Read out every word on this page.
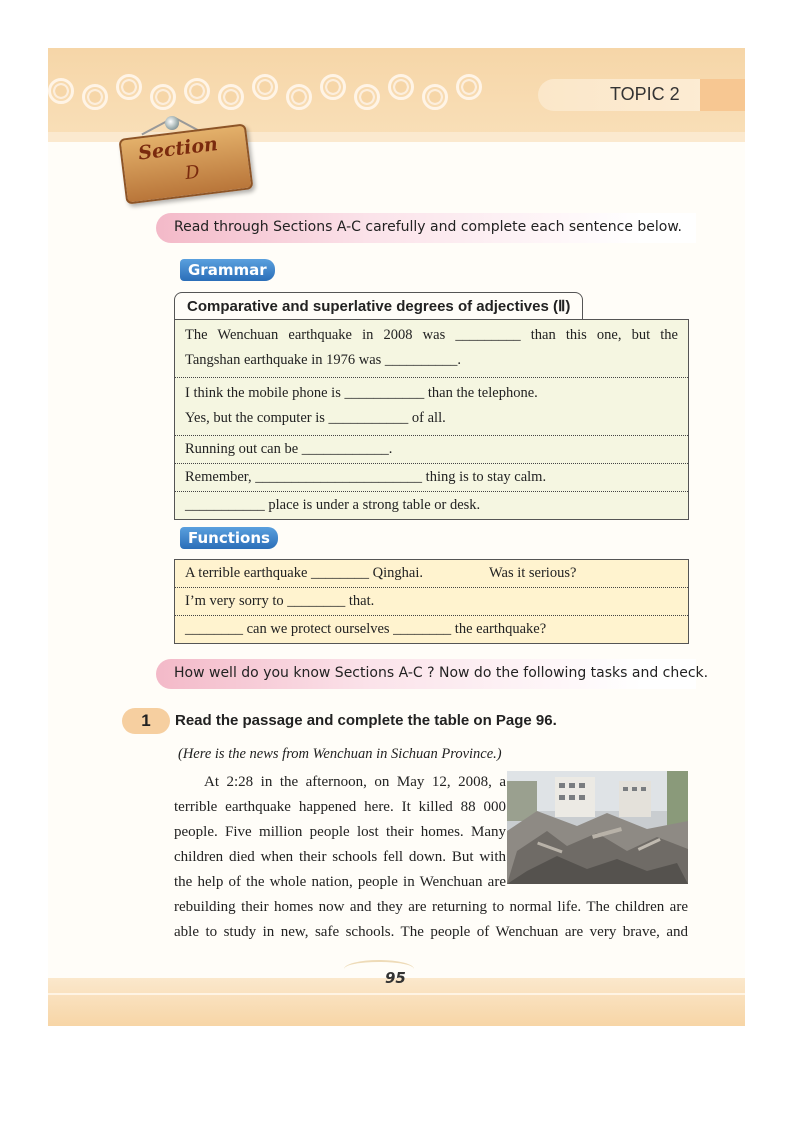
TOPIC 2
Section
D
Read through Sections A-C carefully and complete each sentence below.
Grammar
Comparative and superlative degrees of adjectives (Ⅱ)
The Wenchuan earthquake in 2008 was _________ than this one, but the
Tangshan earthquake in 1976 was __________.
I think the mobile phone is ___________ than the telephone.
Yes, but the computer is ___________ of all.
Running out can be ____________.
Remember, _______________________ thing is to stay calm.
___________ place is under a strong table or desk.
Functions
A terrible earthquake ________ Qinghai.	Was it serious?
I’m very sorry to ________ that.
________ can we protect ourselves ________ the earthquake?
How well do you know Sections A-C ? Now do the following tasks and check.
1	Read the passage and complete the table on Page 96.
(Here is the news from Wenchuan in Sichuan Province.)
At 2:28 in the afternoon, on May 12, 2008, a
terrible earthquake happened here. It killed 88 000
people. Five million people lost their homes. Many
children died when their schools fell down. But with
the help of the whole nation, people in Wenchuan are
rebuilding their homes now and they are returning to normal life. The children are
able to study in new, safe schools. The people of Wenchuan are very brave, and
95
